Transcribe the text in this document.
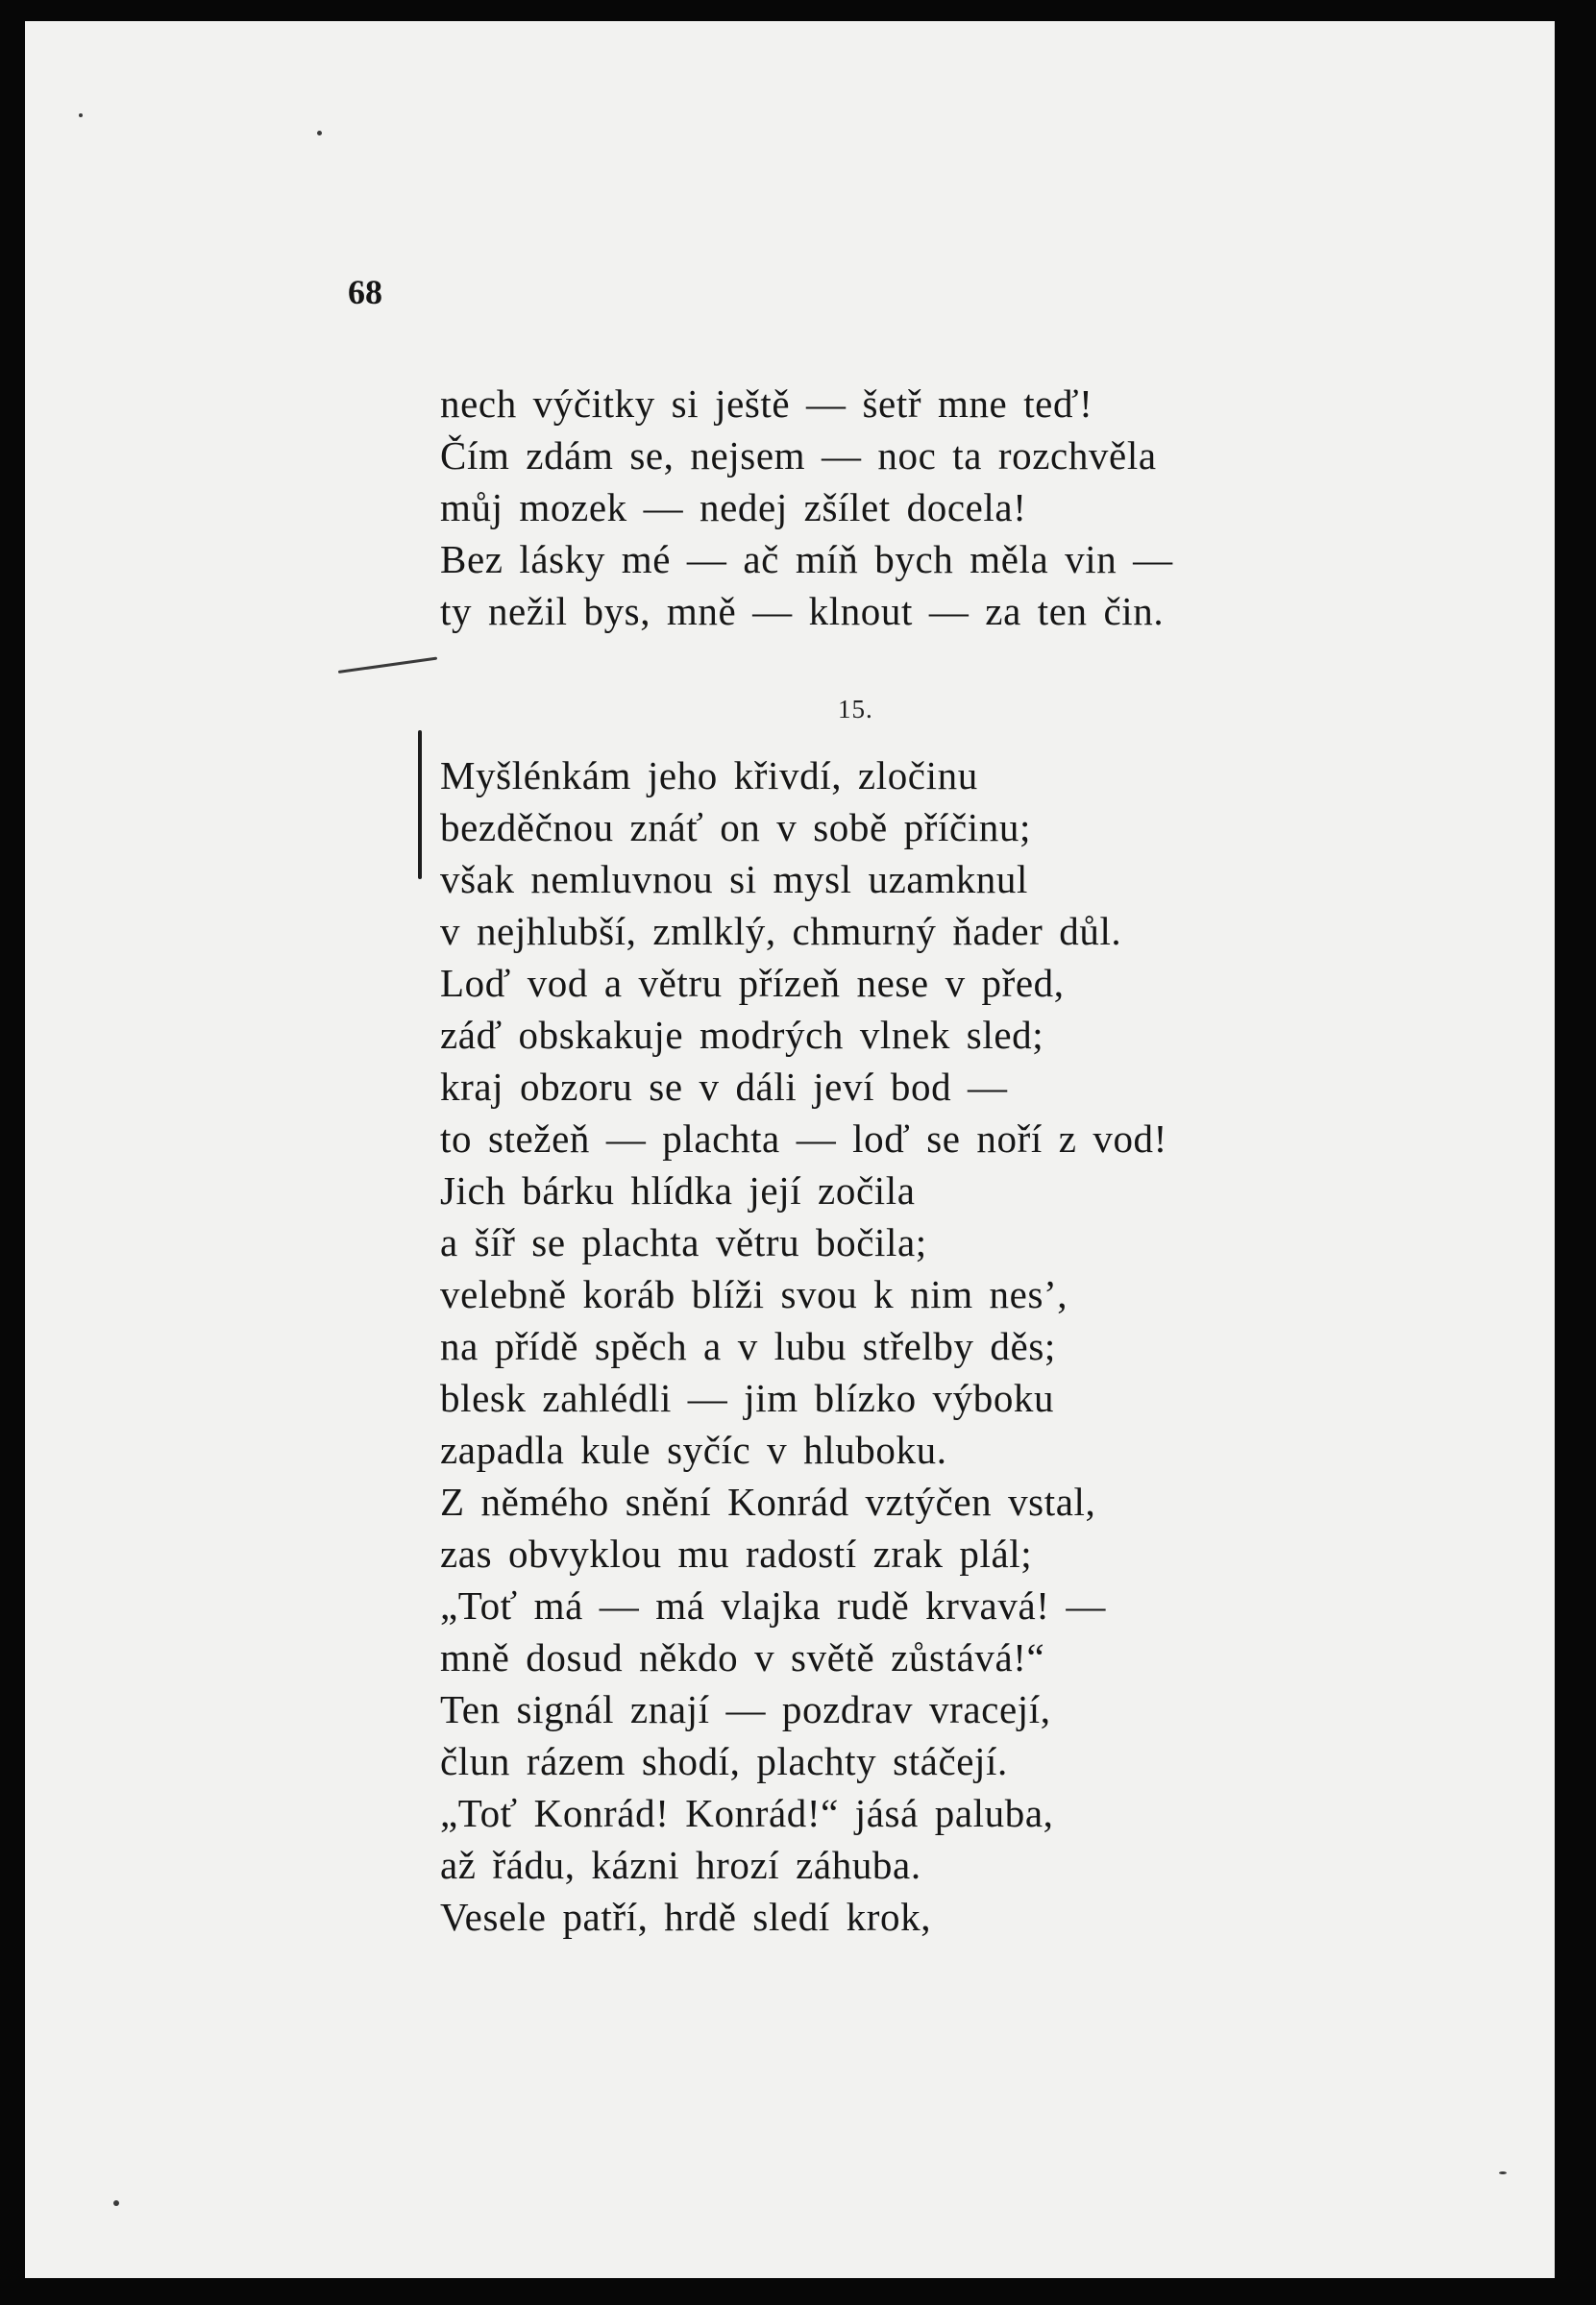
68
nech výčitky si ještě — šetř mne teď!
Čím zdám se, nejsem — noc ta rozchvěla
můj mozek — nedej zšílet docela!
Bez lásky mé — ač míň bych měla vin —
ty nežil bys, mně — klnout — za ten čin.
15.
Myšlénkám jeho křivdí, zločinu
bezděčnou znáť on v sobě příčinu;
však nemluvnou si mysl uzamknul
v nejhlubší, zmlklý, chmurný ňader důl.
Loď vod a větru přízeň nese v před,
záď obskakuje modrých vlnek sled;
kraj obzoru se v dáli jeví bod —
to stežeň — plachta — loď se noří z vod!
Jich bárku hlídka její zočila
a šíř se plachta větru bočila;
velebně koráb blíži svou k nim nes’,
na přídě spěch a v lubu střelby děs;
blesk zahlédli — jim blízko výboku
zapadla kule syčíc v hluboku.
Z němého snění Konrád vztýčen vstal,
zas obvyklou mu radostí zrak plál;
„Toť má — má vlajka rudě krvavá! —
mně dosud někdo v světě zůstává!“
Ten signál znají — pozdrav vracejí,
člun rázem shodí, plachty stáčejí.
„Toť Konrád! Konrád!“ jásá paluba,
až řádu, kázni hrozí záhuba.
Vesele patří, hrdě sledí krok,
